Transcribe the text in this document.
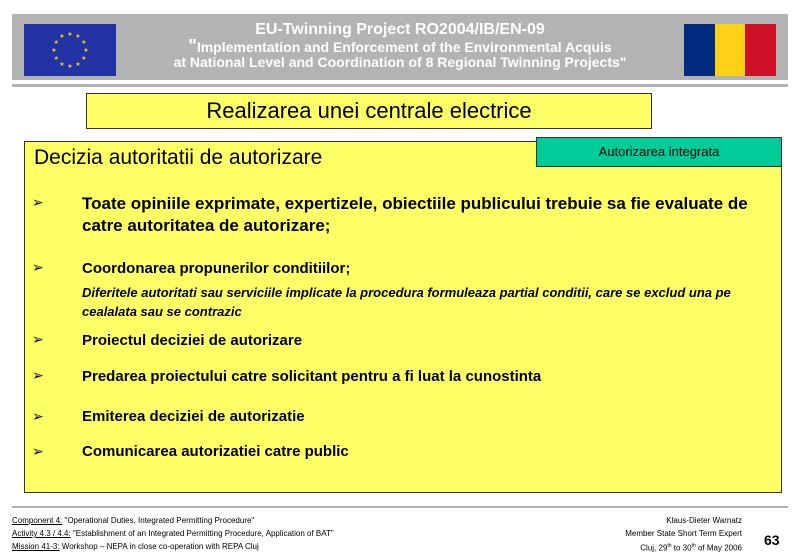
★ ★
★
★
★
★
★
★
★
★
★
★	EU-Twinning Project RO2004/IB/EN-09
"Implementation and Enforcement of the Environmental Acquis
at National Level and Coordination of 8 Regional Twinning Projects"
Realizarea unei centrale electrice
Autorizarea integrata
Decizia autoritatii de autorizare
➢ Toate opiniile exprimate, expertizele, obiectiile publicului trebuie sa fie evaluate de catre autoritatea de autorizare;
➢	Coordonarea propunerilor conditiilor;
Diferitele autoritati sau serviciile implicate la procedura formuleaza partial conditii, care se exclud una pe cealalata sau se contrazic
➢	Proiectul deciziei de autorizare
➢	Predarea proiectului catre solicitant pentru a fi luat la cunostinta
➢	Emiterea deciziei de autorizatie
➢	Comunicarea autorizatiei catre public
Component 4: "Operational Duties, Integrated Permitting Procedure"
Activity 4.3 / 4.4: "Establishment of an Integrated Permitting Procedure, Application of BAT"
Mission 41-3: Workshop – NEPA in close co-operation with REPA Cluj
Klaus-Dieter Warnatz
Member State Short Term Expert
Cluj, 29th to 30th of May 2006
63
